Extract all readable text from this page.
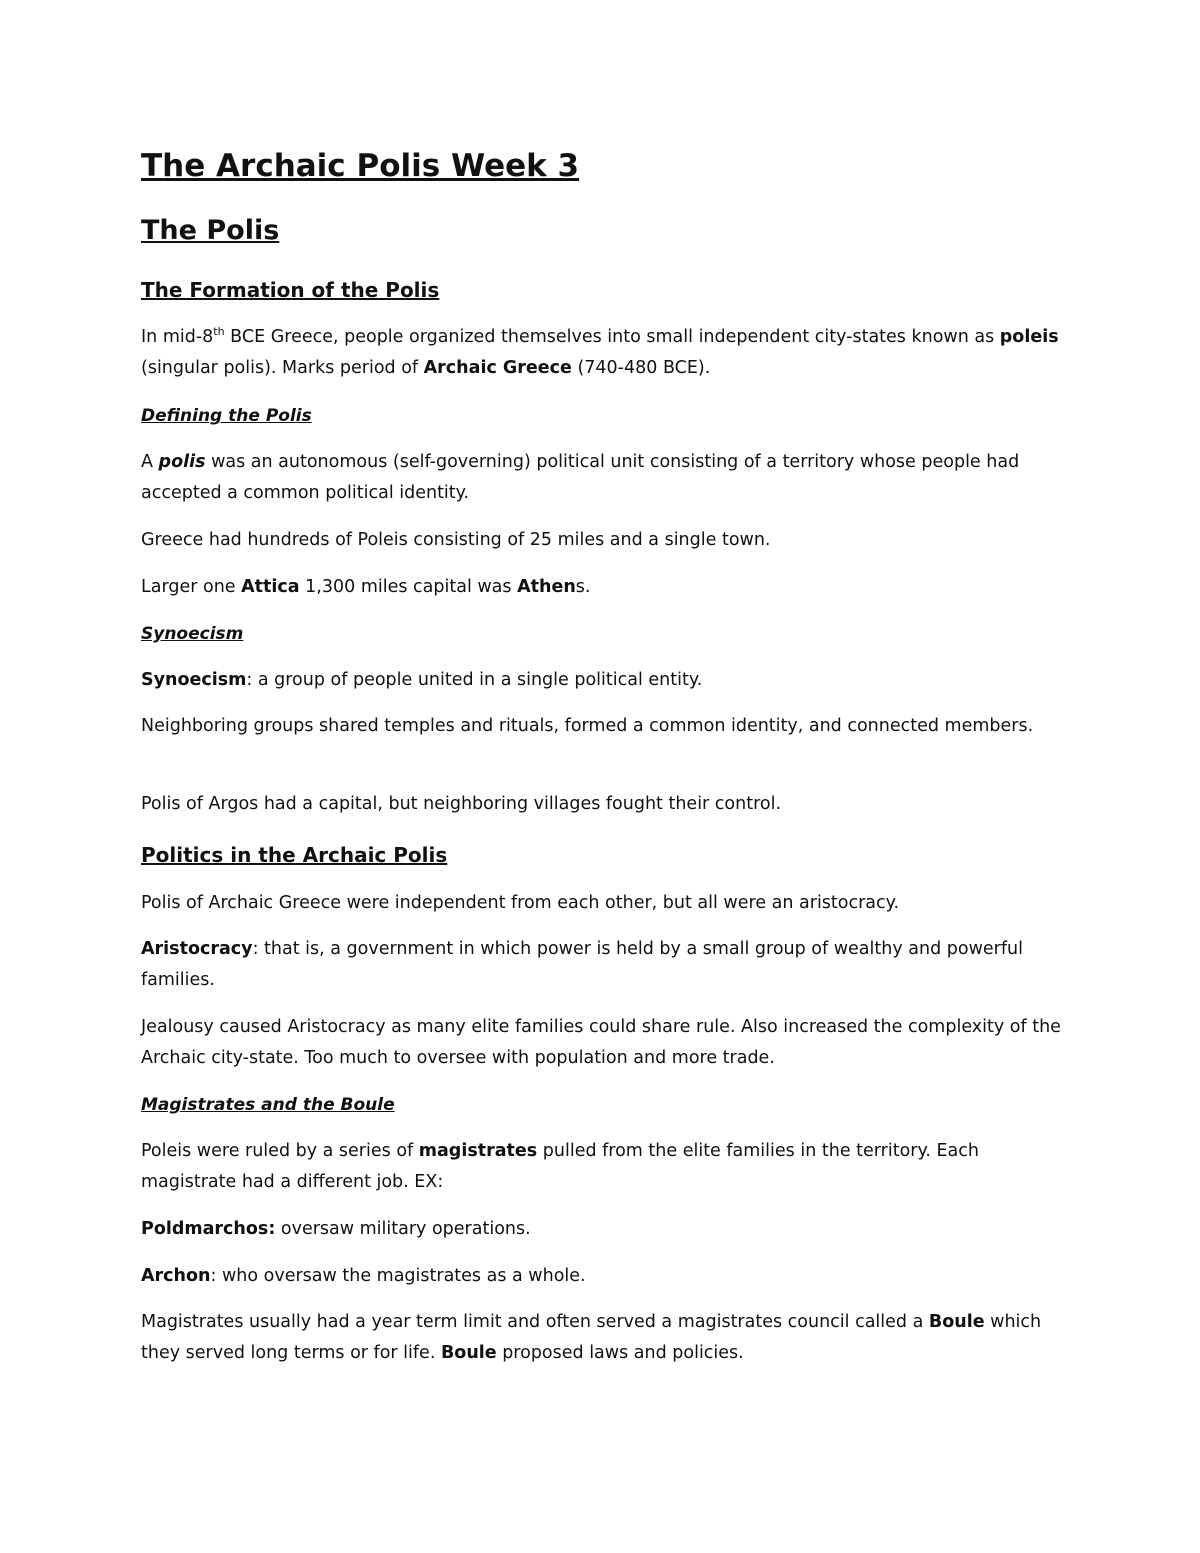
The Archaic Polis Week 3
The Polis
The Formation of the Polis

In mid-8th BCE Greece, people organized themselves into small independent city-states known as poleis (singular polis). Marks period of Archaic Greece (740-480 BCE).

Defining the Polis

A polis was an autonomous (self-governing) political unit consisting of a territory whose people had accepted a common political identity.

Greece had hundreds of Poleis consisting of 25 miles and a single town.

Larger one Attica 1,300 miles capital was Athens.

Synoecism

Synoecism: a group of people united in a single political entity.

Neighboring groups shared temples and rituals, formed a common identity, and connected members.

Polis of Argos had a capital, but neighboring villages fought their control.

Politics in the Archaic Polis

Polis of Archaic Greece were independent from each other, but all were an aristocracy.

Aristocracy: that is, a government in which power is held by a small group of wealthy and powerful families.

Jealousy caused Aristocracy as many elite families could share rule. Also increased the complexity of the Archaic city-state. Too much to oversee with population and more trade.

Magistrates and the Boule

Poleis were ruled by a series of magistrates pulled from the elite families in the territory. Each magistrate had a different job. EX:

Poldmarchos: oversaw military operations.

Archon: who oversaw the magistrates as a whole.

Magistrates usually had a year term limit and often served a magistrates council called a Boule which they served long terms or for life. Boule proposed laws and policies.
